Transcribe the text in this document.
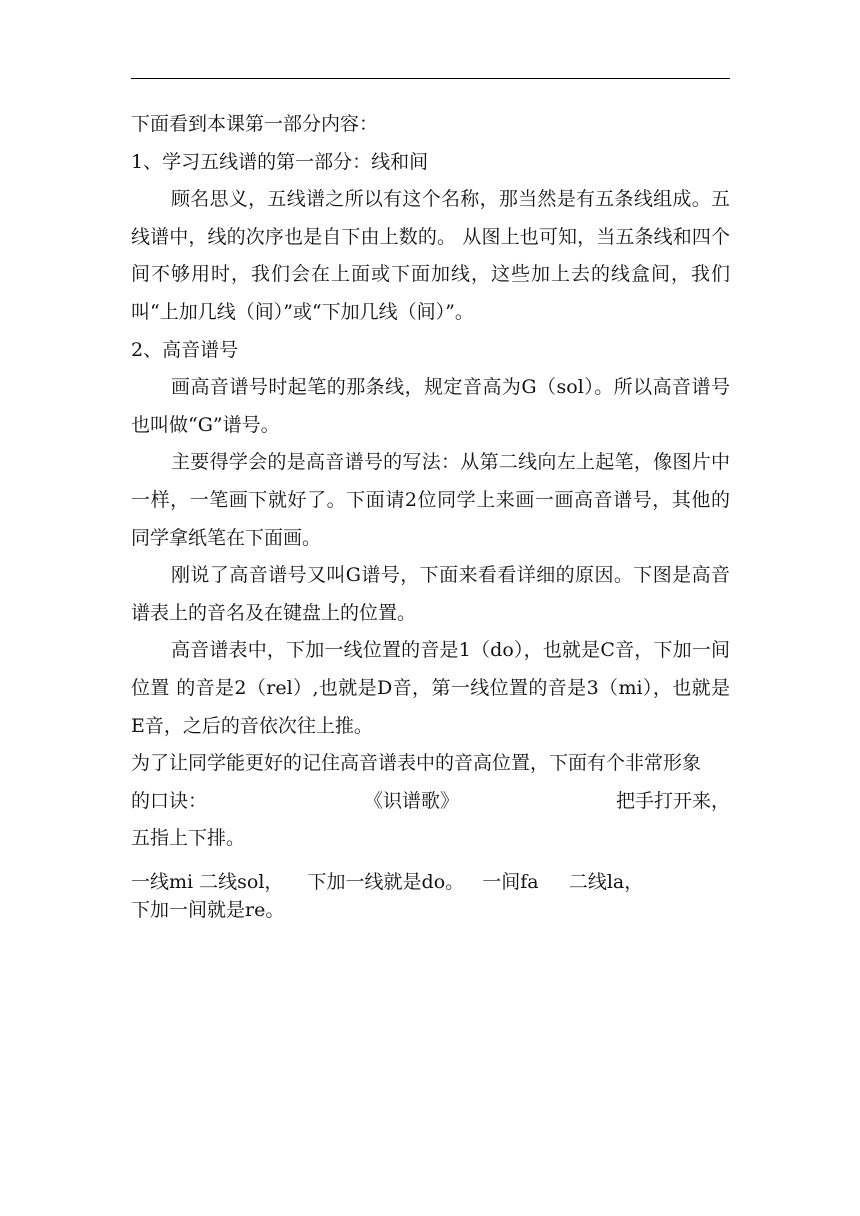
下面看到本课第一部分内容：

1、学习五线谱的第一部分：线和间

顾名思义，五线谱之所以有这个名称，那当然是有五条线组成。五线谱中，线的次序也是自下由上数的。 从图上也可知，当五条线和四个间不够用时，我们会在上面或下面加线，这些加上去的线盒间，我们叫“上加几线（间）”或“下加几线（间）”。

2、高音谱号

画高音谱号时起笔的那条线，规定音高为G（sol）。所以高音谱号也叫做“G”谱号。

主要得学会的是高音谱号的写法：从第二线向左上起笔，像图片中一样，一笔画下就好了。下面请2位同学上来画一画高音谱号，其他的同学拿纸笔在下面画。

刚说了高音谱号又叫G谱号，下面来看看详细的原因。下图是高音谱表上的音名及在键盘上的位置。

高音谱表中，下加一线位置的音是1（do），也就是C音，下加一间位置 的音是2（rel）,也就是D音，第一线位置的音是3（mi），也就是E音，之后的音依次往上推。

为了让同学能更好的记住高音谱表中的音高位置，下面有个非常形象

的口诀：	《识谱歌》	把手打开来，

五指上下排。

一线mi 二线sol，    下加一线就是do。   一间fa     二线la，
下加一间就是re。
